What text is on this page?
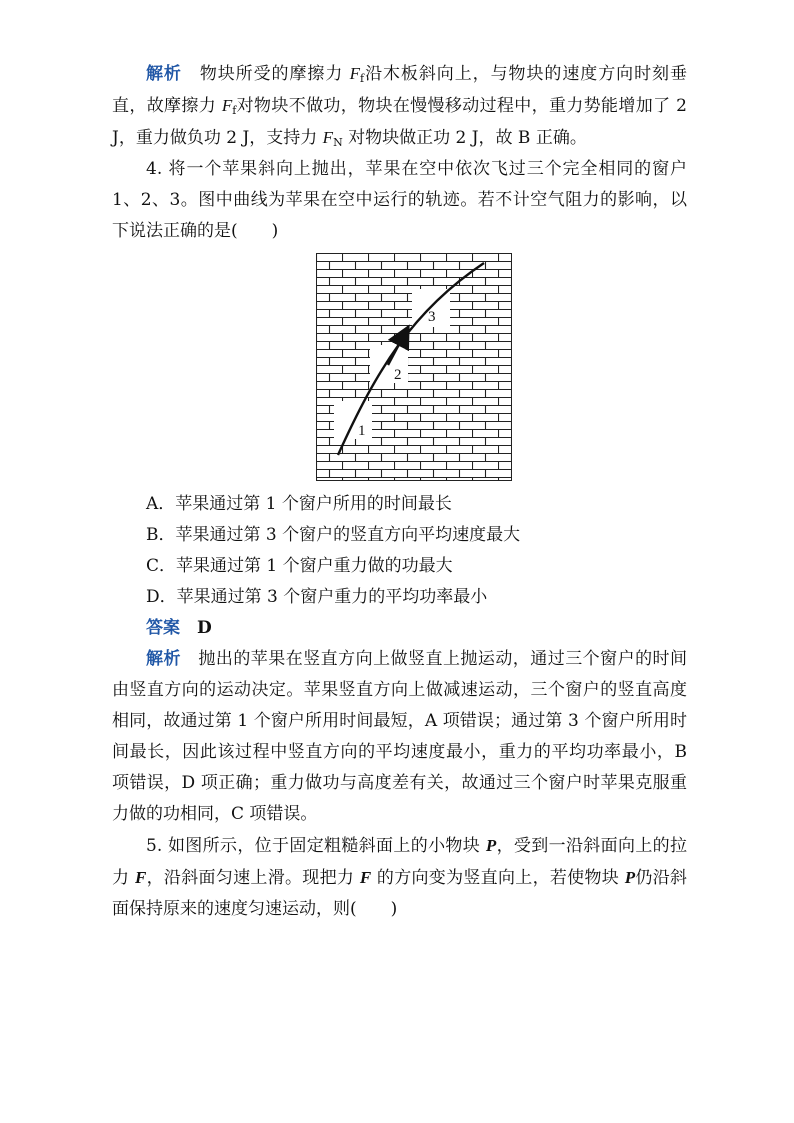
解析　 物块所受的摩擦力 $F_f$沿木板斜向上，与物块的速度方向时刻垂直，故摩擦力 $F_f$对物块不做功，物块在慢慢移动过程中，重力势能增加了 2 J，重力做负功 2 J，支持力 $F_N$ 对物块做正功 2 J，故 B 正确。

4. 将一个苹果斜向上抛出，苹果在空中依次飞过三个完全相同的窗户 1、2、3。图中曲线为苹果在空中运行的轨迹。若不计空气阻力的影响，以下说法正确的是(　　)

1
2
3

A．苹果通过第 1 个窗户所用的时间最长

B．苹果通过第 3 个窗户的竖直方向平均速度最大

C．苹果通过第 1 个窗户重力做的功最大

D．苹果通过第 3 个窗户重力的平均功率最小

答案　 D

解析　 抛出的苹果在竖直方向上做竖直上抛运动，通过三个窗户的时间由竖直方向的运动决定。苹果竖直方向上做减速运动，三个窗户的竖直高度相同，故通过第 1 个窗户所用时间最短，A 项错误；通过第 3 个窗户所用时间最长，因此该过程中竖直方向的平均速度最小，重力的平均功率最小，B 项错误，D 项正确；重力做功与高度差有关，故通过三个窗户时苹果克服重力做的功相同，C 项错误。

5. 如图所示，位于固定粗糙斜面上的小物块 P，受到一沿斜面向上的拉力 F，沿斜面匀速上滑。现把力 F 的方向变为竖直向上，若使物块 P仍沿斜面保持原来的速度匀速运动，则(　　)
